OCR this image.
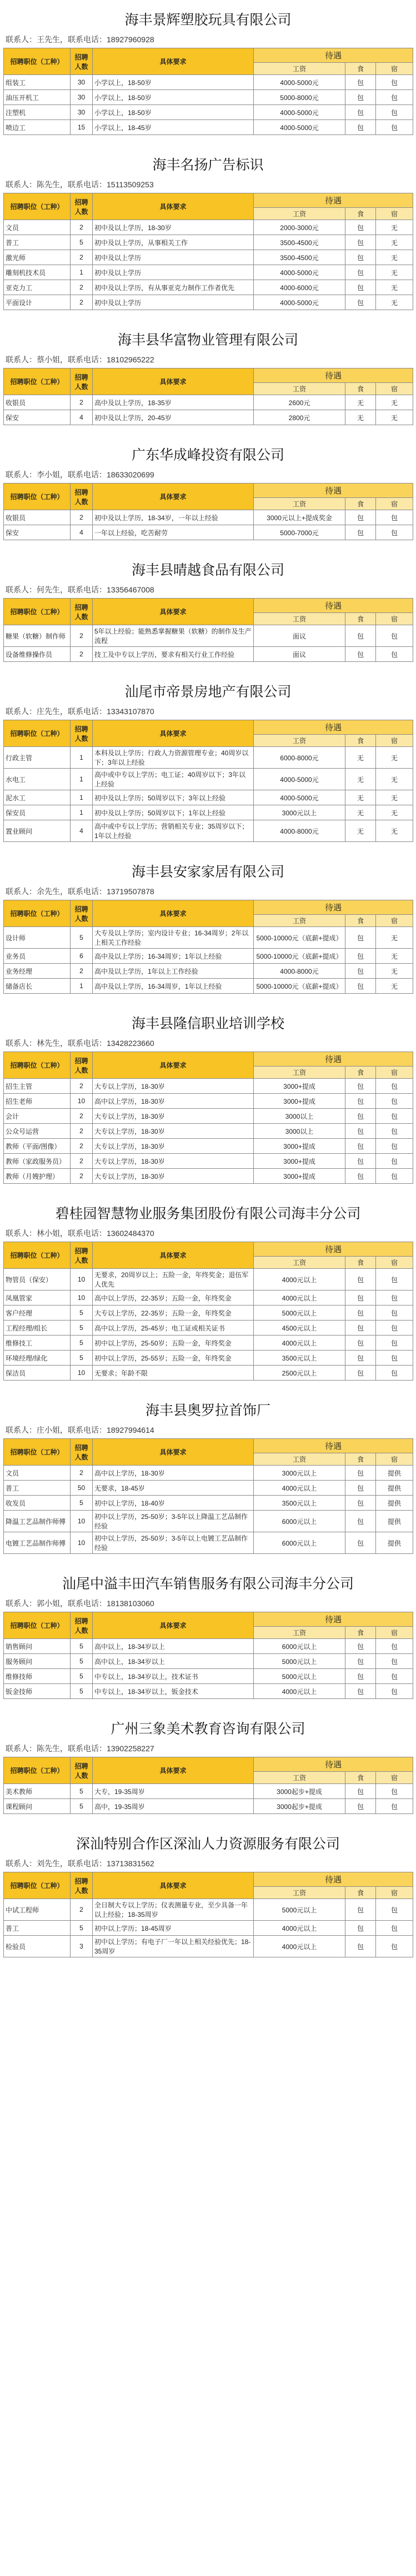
海丰景辉塑胶玩具有限公司
联系人：王先生，联系电话：18927960928
招聘职位（工种）	招聘人数	具体要求	待遇		
			工资	食	宿
组装工	30	小学以上，18-50岁	4000-5000元	包	包
油压开机工	30	小学以上，18-50岁	5000-8000元	包	包
注塑机	30	小学以上，18-50岁	4000-5000元	包	包
喷边工	15	小学以上，18-45岁	4000-5000元	包	包
海丰名扬广告标识
联系人：陈先生，联系电话：15113509253
招聘职位（工种）	招聘人数	具体要求	待遇		
			工资	食	宿
文员	2	初中及以上学历，18-30岁	2000-3000元	包	无
普工	5	初中及以上学历，从事相关工作	3500-4500元	包	无
激光师	2	初中及以上学历	3500-4500元	包	无
雕刻机技术员	1	初中及以上学历	4000-5000元	包	无
亚克力工	2	初中及以上学历，有从事亚克力制作工作者优先	4000-6000元	包	无
平面设计	2	初中及以上学历	4000-5000元	包	无
海丰县华富物业管理有限公司
联系人：蔡小姐，联系电话：18102965222
招聘职位（工种）	招聘人数	具体要求	待遇		
			工资	食	宿
收银员	2	高中及以上学历，18-35岁	2600元	无	无
保安	4	初中及以上学历，20-45岁	2800元	无	无
广东华成峰投资有限公司
联系人：李小姐，联系电话：18633020699
招聘职位（工种）	招聘人数	具体要求	待遇		
			工资	食	宿
收银员	2	初中及以上学历，18-34岁，一年以上经验	3000元以上+提成奖金	包	包
保安	4	一年以上经验，吃苦耐劳	5000-7000元	包	包
海丰县晴越食品有限公司
联系人：何先生，联系电话：13356467008
招聘职位（工种）	招聘人数	具体要求	待遇		
			工资	食	宿
糖果（软糖）制作师	2	5年以上经验；能熟悉掌握糖果（软糖）的制作及生产流程	面议	包	包
设备维修操作员	2	技工及中专以上学历，要求有相关行业工作经验	面议	包	包
汕尾市帝景房地产有限公司
联系人：庄先生，联系电话：13343107870
招聘职位（工种）	招聘人数	具体要求	待遇		
			工资	食	宿
行政主管	1	本科及以上学历；行政人力资源管理专业；40周岁以下；3年以上经验	6000-8000元	无	无
水电工	1	高中或中专以上学历；电工证；40周岁以下；3年以上经验	4000-5000元	无	无
泥水工	1	初中及以上学历；50周岁以下；3年以上经验	4000-5000元	无	无
保安员	1	初中及以上学历；50周岁以下；1年以上经验	3000元以上	无	无
置业顾问	4	高中或中专以上学历；营销相关专业；35周岁以下；1年以上经验	4000-8000元	无	无
海丰县安家家居有限公司
联系人：余先生，联系电话：13719507878
招聘职位（工种）	招聘人数	具体要求	待遇		
			工资	食	宿
设计师	5	大专及以上学历；室内设计专业；16-34周岁；2年以上相关工作经验	5000-10000元（底薪+提成）	包	无
业务员	6	高中及以上学历；16-34周岁；1年以上经验	5000-10000元（底薪+提成）	包	无
业务经理	2	高中及以上学历，1年以上工作经验	4000-8000元	包	无
储备店长	1	高中及以上学历，16-34周岁，1年以上经验	5000-10000元（底薪+提成）	包	无
海丰县隆信职业培训学校
联系人：林先生，联系电话：13428223660
招聘职位（工种）	招聘人数	具体要求	待遇		
			工资	食	宿
招生主管	2	大专以上学历，18-30岁	3000+提成	包	包
招生老师	10	高中以上学历，18-30岁	3000+提成	包	包
会计	2	大专以上学历，18-30岁	3000以上	包	包
公众号运营	2	大专以上学历，18-30岁	3000以上	包	包
教师（平面/图像）	2	大专以上学历，18-30岁	3000+提成	包	包
教师（家政服务员）	2	大专以上学历，18-30岁	3000+提成	包	包
教师（月嫂护理）	2	大专以上学历，18-30岁	3000+提成	包	包
碧桂园智慧物业服务集团股份有限公司海丰分公司
联系人：林小姐，联系电话：13602484370
招聘职位（工种）	招聘人数	具体要求	待遇		
			工资	食	宿
物管员（保安）	10	无要求，20周岁以上；五险一金，年终奖金；退伍军人优先	4000元以上	包	包
凤凰管家	10	高中以上学历，22-35岁；五险一金，年终奖金	4000元以上	包	包
客户经理	5	大专以上学历，22-35岁；五险一金，年终奖金	5000元以上	包	包
工程经理/组长	5	高中以上学历，25-45岁；电工证或相关证书	4500元以上	包	包
维修技工	5	初中以上学历，25-50岁；五险一金，年终奖金	4000元以上	包	包
环境经理/绿化	5	初中以上学历，25-55岁；五险一金，年终奖金	3500元以上	包	包
保洁员	10	无要求；年龄不限	2500元以上	包	包
海丰县奥罗拉首饰厂
联系人：庄小姐，联系电话：18927994614
招聘职位（工种）	招聘人数	具体要求	待遇		
			工资	食	宿
文员	2	高中以上学历，18-30岁	3000元以上	包	提供
普工	50	无要求，18-45岁	4000元以上	包	提供
收发员	5	初中以上学历，18-40岁	3500元以上	包	提供
降温工艺品制作师傅	10	初中以上学历，25-50岁；3-5年以上降温工艺品制作经验	6000元以上	包	提供
电镀工艺品制作师傅	10	初中以上学历，25-50岁；3-5年以上电镀工艺品制作经验	6000元以上	包	提供
汕尾中溢丰田汽车销售服务有限公司海丰分公司
联系人：郭小姐，联系电话：18138103060
招聘职位（工种）	招聘人数	具体要求	待遇		
			工资	食	宿
销售顾问	5	高中以上，18-34岁以上	6000元以上	包	包
服务顾问	5	高中以上，18-34岁以上	5000元以上	包	包
维修技师	5	中专以上，18-34岁以上，技术证书	5000元以上	包	包
钣金技师	5	中专以上，18-34岁以上，钣金技术	4000元以上	包	包
广州三象美术教育咨询有限公司
联系人：陈先生，联系电话：13902258227
招聘职位（工种）	招聘人数	具体要求	待遇		
			工资	食	宿
美术教师	5	大专，19-35周岁	3000起步+提成	包	包
课程顾问	5	高中，19-35周岁	3000起步+提成	包	包
深汕特别合作区深汕人力资源服务有限公司
联系人：刘先生，联系电话：13713831562
招聘职位（工种）	招聘人数	具体要求	待遇		
			工资	食	宿
中试工程师	2	全日制大专以上学历；仪表测量专业，至少具备一年以上经验；18-35周岁	5000元以上	包	包
普工	5	初中以上学历；18-45周岁	4000元以上	包	包
检验员	3	初中以上学历；有电子厂一年以上相关经验优先；18-35周岁	4000元以上	包	包
